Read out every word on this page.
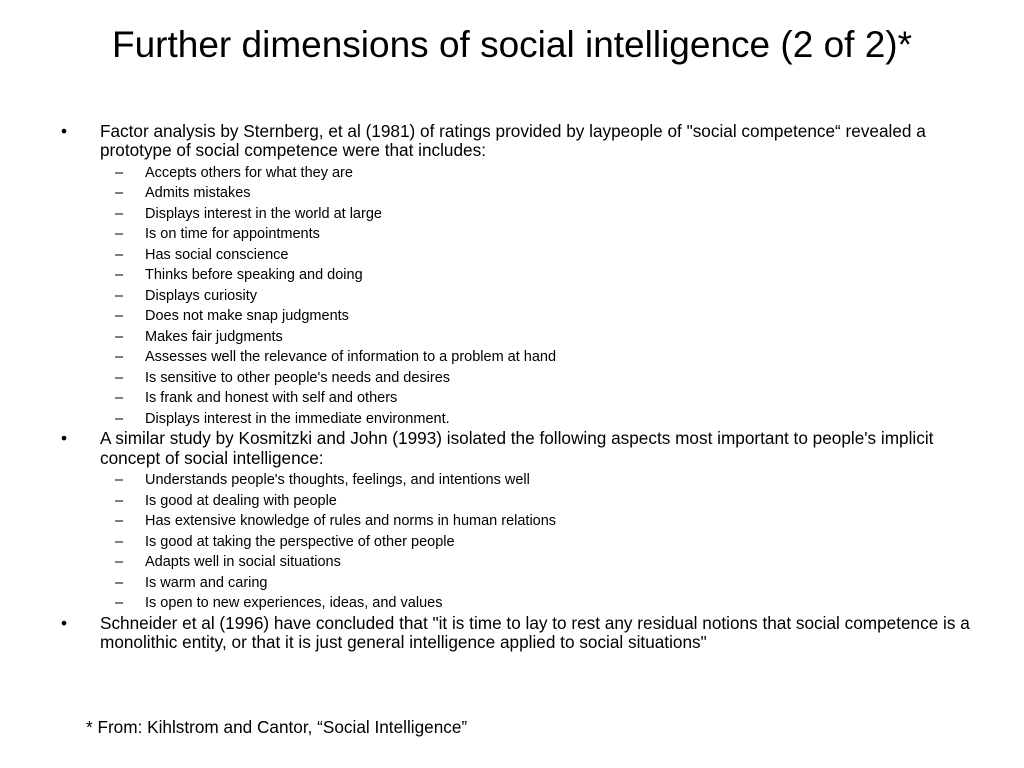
Further dimensions of social intelligence (2 of 2)*
• Factor analysis by Sternberg, et al (1981) of ratings provided by laypeople of "social competence“ revealed a prototype of social competence were that includes:
– Accepts others for what they are
– Admits mistakes
– Displays interest in the world at large
– Is on time for appointments
– Has social conscience
– Thinks before speaking and doing
– Displays curiosity
– Does not make snap judgments
– Makes fair judgments
– Assesses well the relevance of information to a problem at hand
– Is sensitive to other people's needs and desires
– Is frank and honest with self and others
– Displays interest in the immediate environment.
• A similar study by Kosmitzki and John (1993) isolated the following aspects most important to people's implicit concept of social intelligence:
– Understands people's thoughts, feelings, and intentions well
– Is good at dealing with people
– Has extensive knowledge of rules and norms in human relations
– Is good at taking the perspective of other people
– Adapts well in social situations
– Is warm and caring
– Is open to new experiences, ideas, and values
• Schneider et al (1996) have concluded that "it is time to lay to rest any residual notions that social competence is a monolithic entity, or that it is just general intelligence applied to social situations"
* From: Kihlstrom and Cantor, “Social Intelligence”
